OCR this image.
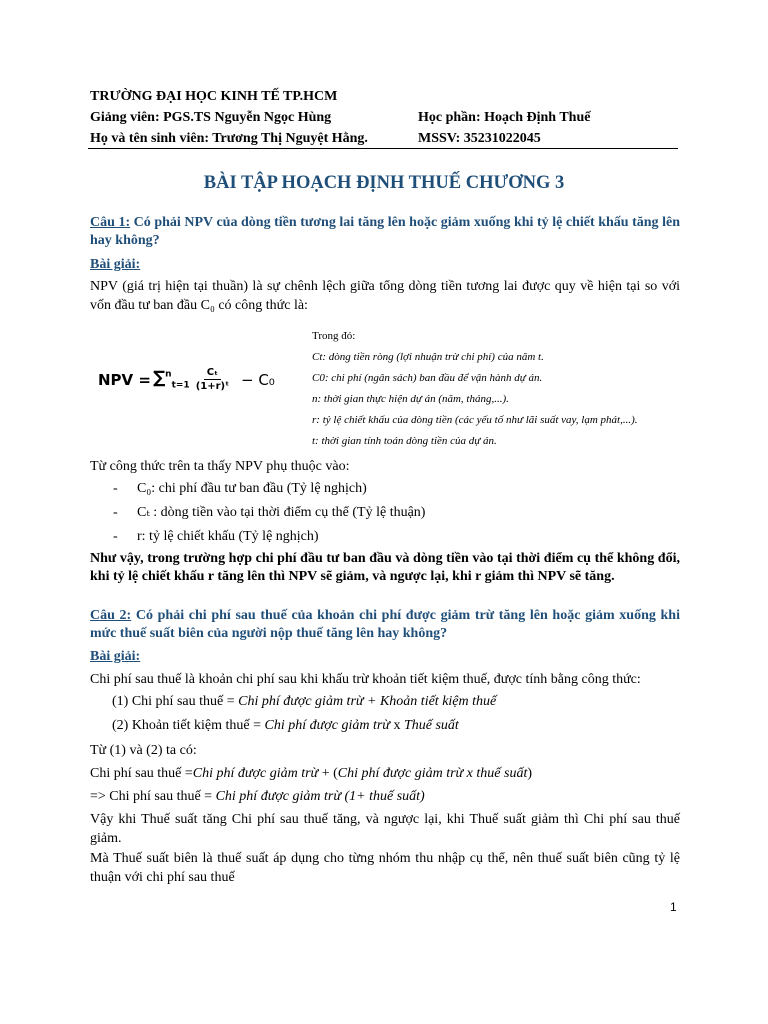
TRƯỜNG ĐẠI HỌC KINH TẾ TP.HCM
Giảng viên: PGS.TS Nguyễn Ngọc Hùng	Học phần: Hoạch Định Thuế
Họ và tên sinh viên: Trương Thị Nguyệt Hằng.	MSSV: 35231022045
BÀI TẬP HOẠCH ĐỊNH THUẾ CHƯƠNG 3
Câu 1: Có phải NPV của dòng tiền tương lai tăng lên hoặc giảm xuống khi tỷ lệ chiết khấu tăng lên hay không?
Bài giải:
NPV (giá trị hiện tại thuần) là sự chênh lệch giữa tổng dòng tiền tương lai được quy về hiện tại so với vốn đầu tư ban đầu C₀ có công thức là:
NPV = $\sum^n_{t=1} \frac{\text{Cₜ}}{\text{(1+r)ᵗ}} - C_0$
Trong đó:
Ct: dòng tiền ròng (lợi nhuận trừ chi phí) của năm t.
C0: chi phí (ngân sách) ban đầu để vận hành dự án.
n: thời gian thực hiện dự án (năm, tháng,...).
r: tỷ lệ chiết khấu của dòng tiền (các yếu tố như lãi suất vay, lạm phát,...).
t: thời gian tính toán dòng tiền của dự án.
Từ công thức trên ta thấy NPV phụ thuộc vào:
- C₀: chi phí đầu tư ban đầu (Tỷ lệ nghịch)
- Cₜ : dòng tiền vào tại thời điểm cụ thể (Tỷ lệ thuận)
- r: tỷ lệ chiết khấu (Tỷ lệ nghịch)
Như vậy, trong trường hợp chi phí đầu tư ban đầu và dòng tiền vào tại thời điểm cụ thể không đổi, khi tỷ lệ chiết khấu r tăng lên thì NPV sẽ giảm, và ngược lại, khi r giảm thì NPV sẽ tăng.
Câu 2: Có phải chi phí sau thuế của khoản chi phí được giảm trừ tăng lên hoặc giảm xuống khi mức thuế suất biên của người nộp thuế tăng lên hay không?
Bài giải:
Chi phí sau thuế là khoản chi phí sau khi khấu trừ khoản tiết kiệm thuế, được tính bằng công thức:
(1) Chi phí sau thuế = Chi phí được giảm trừ + Khoản tiết kiệm thuế
(2) Khoản tiết kiệm thuế = Chi phí được giảm trừ x Thuế suất
Từ (1) và (2) ta có:
Chi phí sau thuế =Chi phí được giảm trừ + (Chi phí được giảm trừ x thuế suất)
=> Chi phí sau thuế = Chi phí được giảm trừ (1+ thuế suất)
Vậy khi Thuế suất tăng Chi phí sau thuế tăng, và ngược lại, khi Thuế suất giảm thì Chi phí sau thuế giảm.
Mà Thuế suất biên là thuế suất áp dụng cho từng nhóm thu nhập cụ thể, nên thuế suất biên cũng tỷ lệ thuận với chi phí sau thuế
1
